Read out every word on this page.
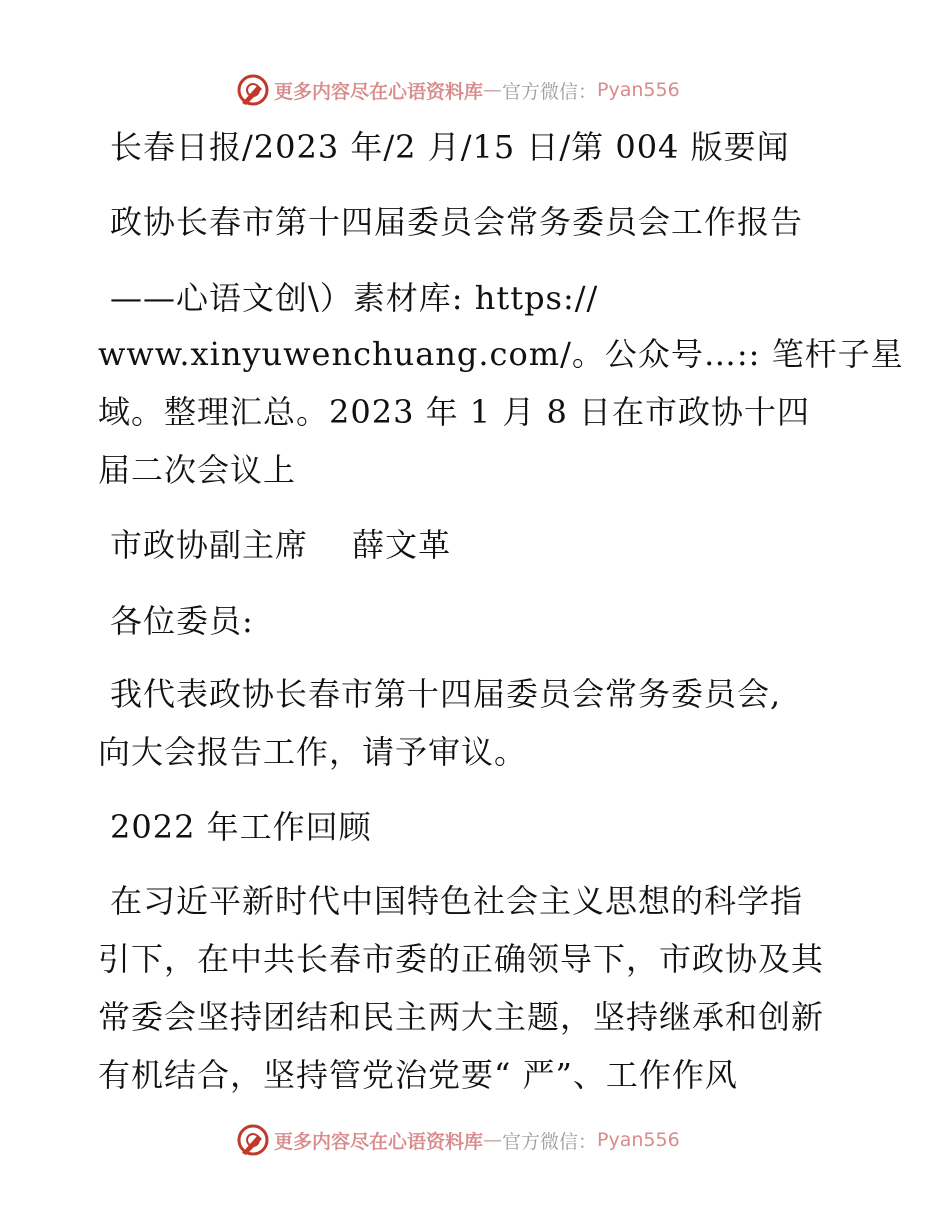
更多内容尽在心语资料库 — 官方微信： Pyan556
长春日报/2023 年/2 月/15 日/第 004 版要闻
政协长春市第十四届委员会常务委员会工作报告
——心语文创\）素材库: https://
www.xinyuwenchuang.com/。公众号…:: 笔杆子星
域。整理汇总。2023 年 1 月 8 日在市政协十四
届二次会议上
市政协副主席　 薛文革
各位委员:
我代表政协长春市第十四届委员会常务委员会,
向大会报告工作，请予审议。
2022 年工作回顾
在习近平新时代中国特色社会主义思想的科学指
引下，在中共长春市委的正确领导下，市政协及其
常委会坚持团结和民主两大主题，坚持继承和创新
有机结合，坚持管党治党要“ 严”、工作作风
更多内容尽在心语资料库 — 官方微信： Pyan556
